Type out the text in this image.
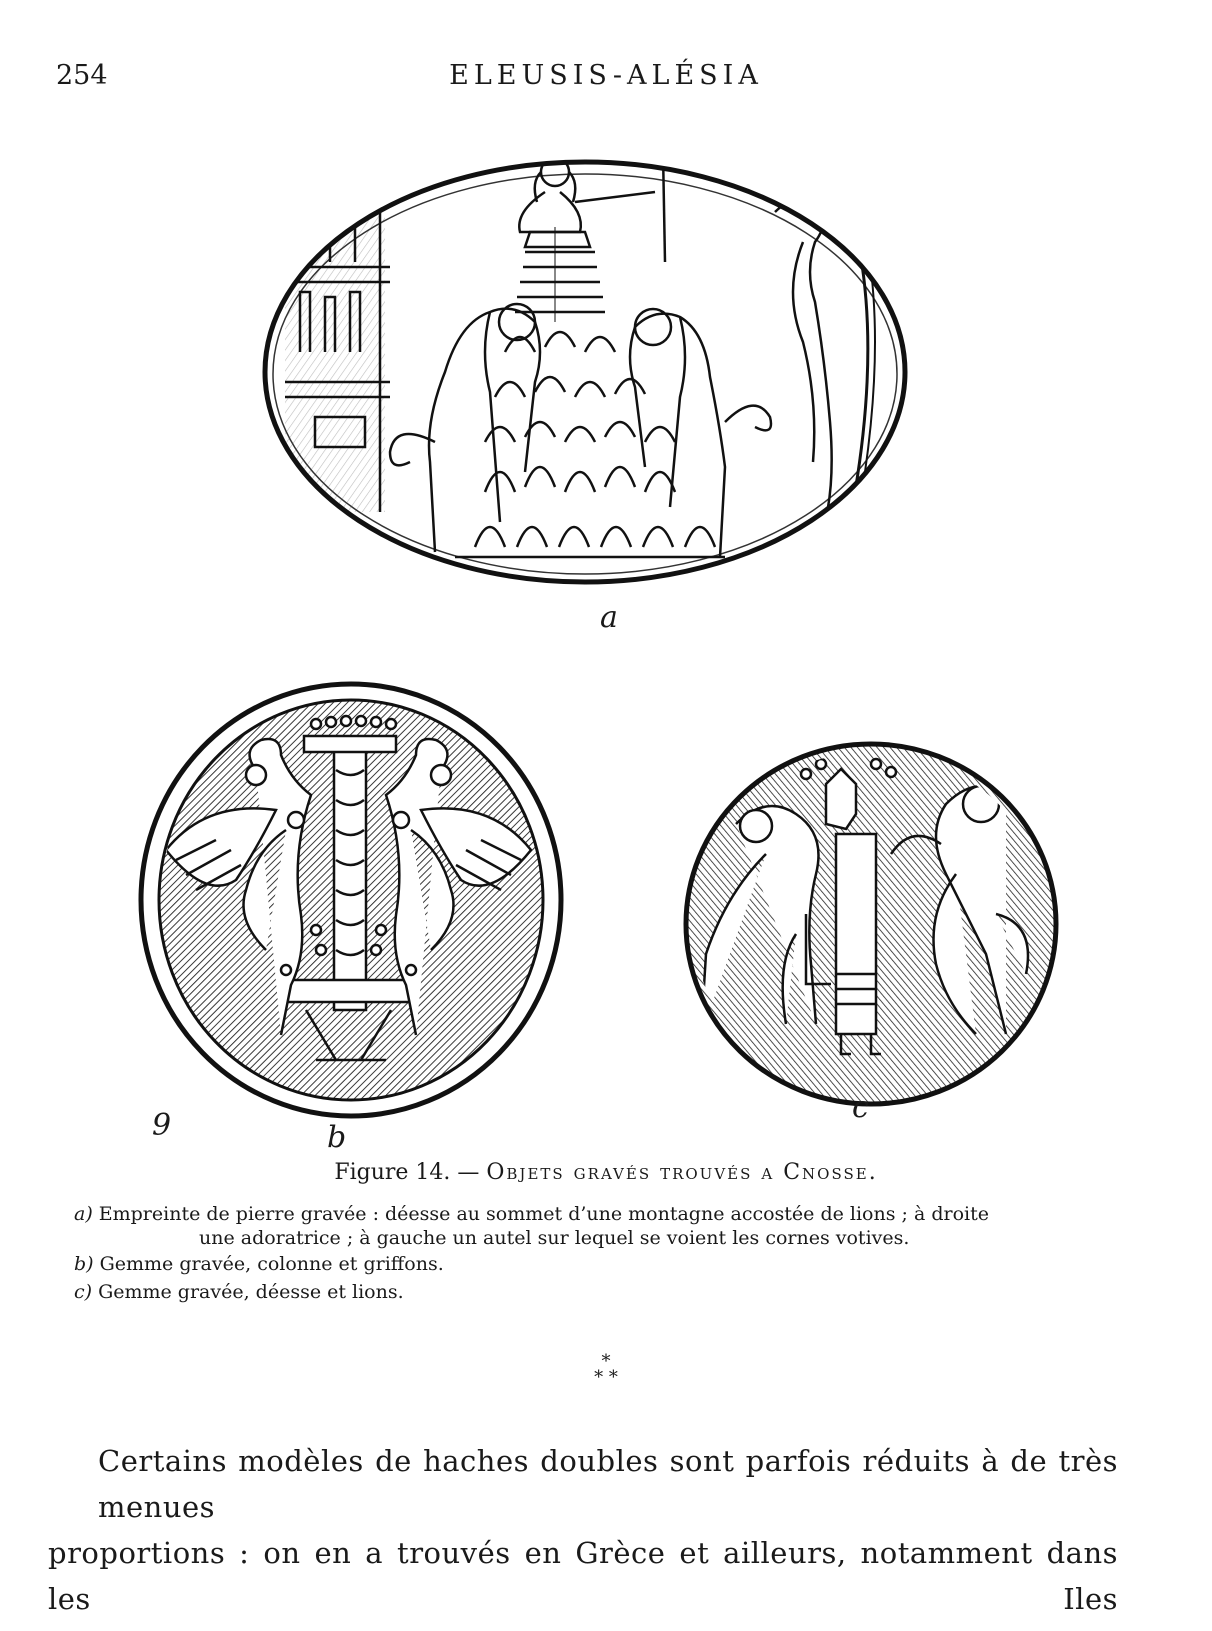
254	ELEUSIS-ALÉSIA
a
9	b
c
Figure 14. — Objets gravés trouvés a Cnosse.
a) Empreinte de pierre gravée : déesse au sommet d’une montagne accostée de lions ; à droite
une adoratrice ; à gauche un autel sur lequel se voient les cornes votives.
b) Gemme gravée, colonne et griffons.
c) Gemme gravée, déesse et lions.
*
* *
Certains modèles de haches doubles sont parfois réduits à de très menues
proportions : on en a trouvés en Grèce et ailleurs, notamment dans les Iles
